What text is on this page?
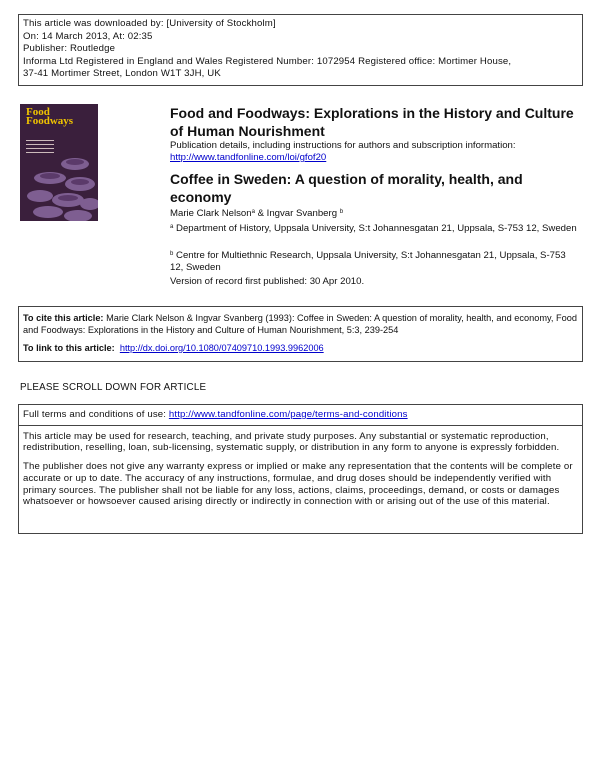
This article was downloaded by: [University of Stockholm]
On: 14 March 2013, At: 02:35
Publisher: Routledge
Informa Ltd Registered in England and Wales Registered Number: 1072954 Registered office: Mortimer House,
37-41 Mortimer Street, London W1T 3JH, UK
Food
Foodways	Food and Foodways: Explorations in the History and Culture of Human Nourishment
Publication details, including instructions for authors and subscription information:
http://www.tandfonline.com/loi/gfof20
Coffee in Sweden: A question of morality, health, and economy
Marie Clark Nelson$^a$ & Ingvar Svanberg $^b$
$^a$ Department of History, Uppsala University, S:t Johannesgatan 21, Uppsala, S-753 12, Sweden
$^b$ Centre for Multiethnic Research, Uppsala University, S:t Johannesgatan 21, Uppsala, S-753 12, Sweden
Version of record first published: 30 Apr 2010.
To cite this article: Marie Clark Nelson & Ingvar Svanberg (1993): Coffee in Sweden: A question of morality, health, and economy, Food and Foodways: Explorations in the History and Culture of Human Nourishment, 5:3, 239-254
To link to this article: http://dx.doi.org/10.1080/07409710.1993.9962006
PLEASE SCROLL DOWN FOR ARTICLE
Full terms and conditions of use: http://www.tandfonline.com/page/terms-and-conditions

This article may be used for research, teaching, and private study purposes. Any substantial or systematic reproduction, redistribution, reselling, loan, sub-licensing, systematic supply, or distribution in any form to anyone is expressly forbidden.

The publisher does not give any warranty express or implied or make any representation that the contents will be complete or accurate or up to date. The accuracy of any instructions, formulae, and drug doses should be independently verified with primary sources. The publisher shall not be liable for any loss, actions, claims, proceedings, demand, or costs or damages whatsoever or howsoever caused arising directly or indirectly in connection with or arising out of the use of this material.
